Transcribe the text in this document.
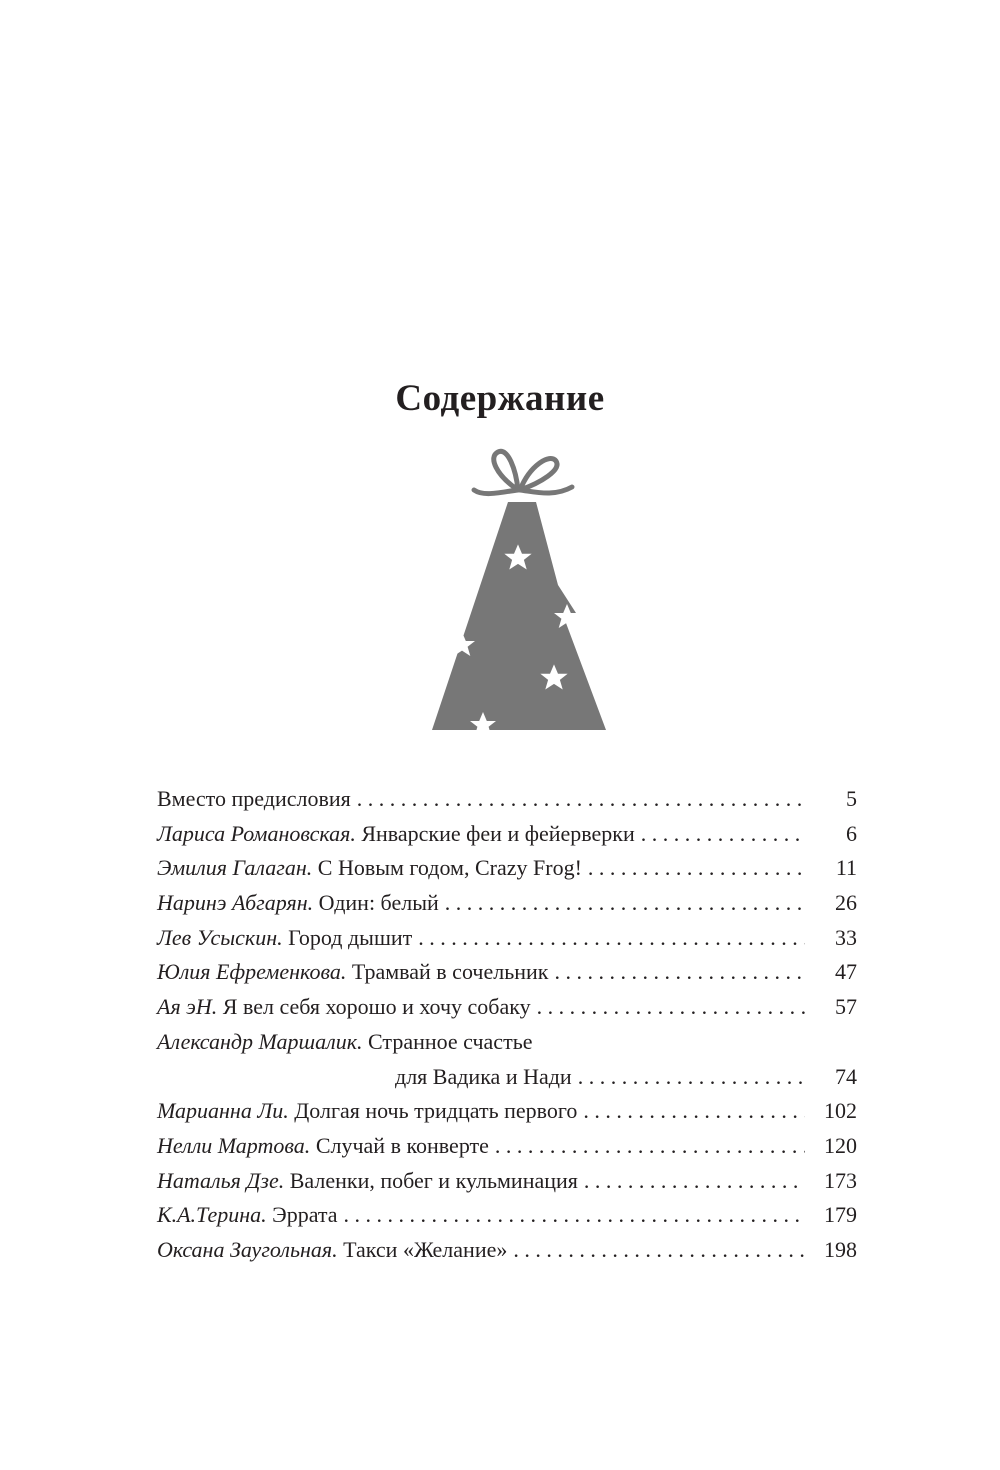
Содержание
Вместо предисловия . . .	5
Лариса Романовская. Январские феи и фейерверки . . .	6
Эмилия Галаган. С Новым годом, Crazy Frog! . . .	11
Наринэ Абгарян. Один: белый . . .	26
Лев Усыскин. Город дышит . . .	33
Юлия Ефременкова. Трамвай в сочельник . . .	47
Ая эН. Я вел себя хорошо и хочу собаку . . .	57
Александр Маршалик. Странное счастье
для Вадика и Нади . . .	74
Марианна Ли. Долгая ночь тридцать первого . . .	102
Нелли Мартова. Случай в конверте . . .	120
Наталья Дзе. Валенки, побег и кульминация . . .	173
К.А.Терина. Эррата . . .	179
Оксана Заугольная. Такси «Желание» . . .	198
